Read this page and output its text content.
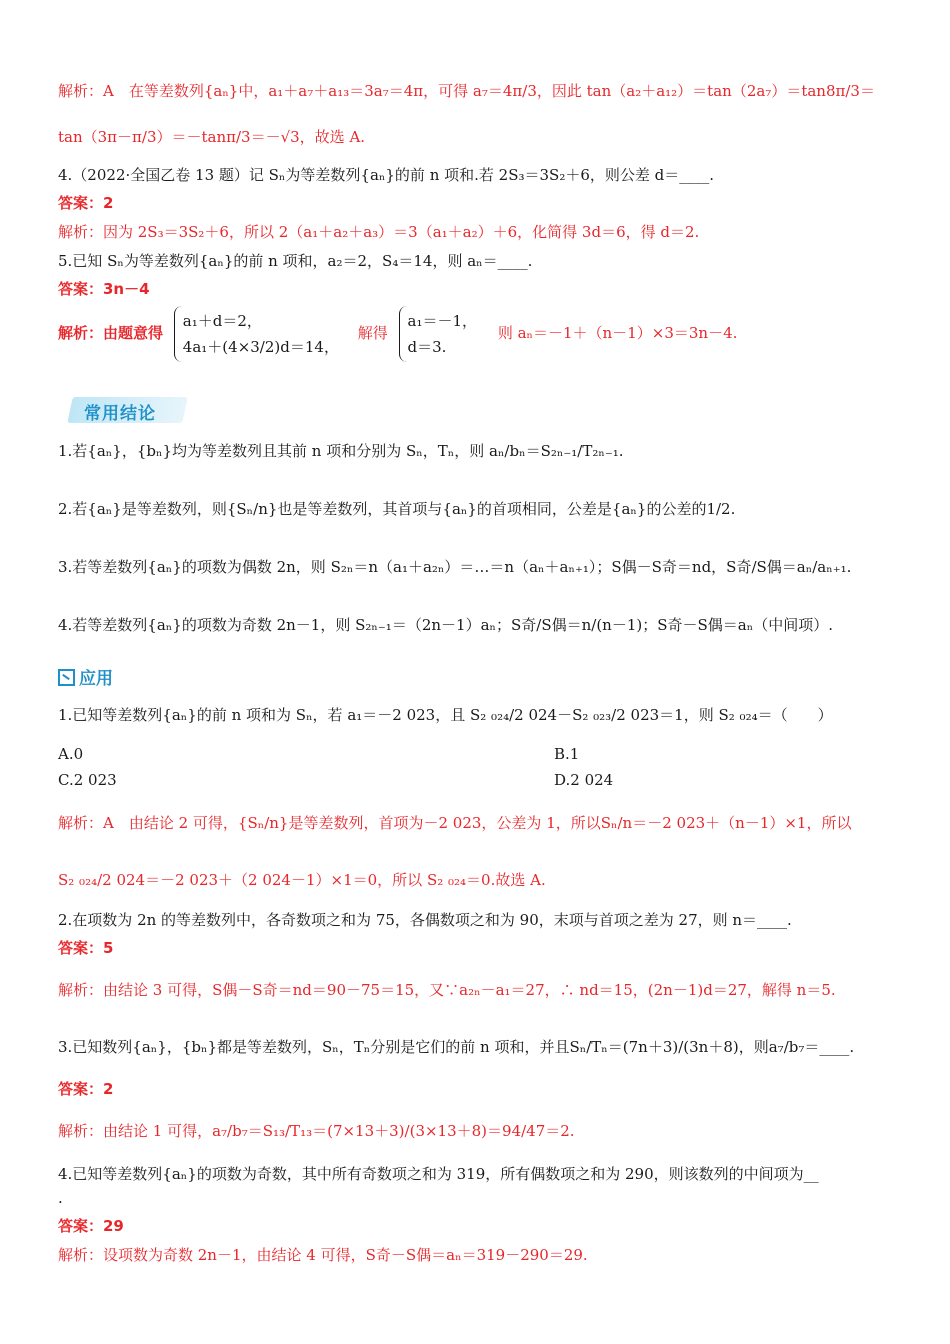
解析：A　在等差数列{aₙ}中，a₁＋a₇＋a₁₃＝3a₇＝4π，可得 a₇＝4π/3，因此 tan（a₂＋a₁₂）＝tan（2a₇）＝tan8π/3＝
tan（3π－π/3）＝－tanπ/3＝－√3，故选 A.
4.（2022·全国乙卷 13 题）记 Sₙ为等差数列{aₙ}的前 n 项和.若 2S₃＝3S₂＋6，则公差 d＝____.
答案：2
解析：因为 2S₃＝3S₂＋6，所以 2（a₁＋a₂＋a₃）＝3（a₁＋a₂）＋6，化简得 3d＝6，得 d＝2.
5.已知 Sₙ为等差数列{aₙ}的前 n 项和，a₂＝2，S₄＝14，则 aₙ＝____.
答案：3n－4
解析：由题意得 a₁＋d＝2，
4a₁＋(4×3/2)d＝14， 解得 a₁＝－1，
d＝3. 则 aₙ＝－1＋（n－1）×3＝3n－4.
常用结论
1.若{aₙ}，{bₙ}均为等差数列且其前 n 项和分别为 Sₙ，Tₙ，则 aₙ/bₙ＝S₂ₙ₋₁/T₂ₙ₋₁.
2.若{aₙ}是等差数列，则{Sₙ/n}也是等差数列，其首项与{aₙ}的首项相同，公差是{aₙ}的公差的1/2.
3.若等差数列{aₙ}的项数为偶数 2n，则 S₂ₙ＝n（a₁＋a₂ₙ）＝…＝n（aₙ＋aₙ₊₁）；S偶－S奇＝nd，S奇/S偶＝aₙ/aₙ₊₁.
4.若等差数列{aₙ}的项数为奇数 2n－1，则 S₂ₙ₋₁＝（2n－1）aₙ；S奇/S偶＝n/(n－1)；S奇－S偶＝aₙ（中间项）.
应用
1.已知等差数列{aₙ}的前 n 项和为 Sₙ，若 a₁＝－2 023，且 S₂ ₀₂₄/2 024－S₂ ₀₂₃/2 023＝1，则 S₂ ₀₂₄＝（　　）
A.0	B.1
C.2 023	D.2 024
解析：A　由结论 2 可得，{Sₙ/n}是等差数列，首项为－2 023，公差为 1，所以Sₙ/n＝－2 023＋（n－1）×1，所以
S₂ ₀₂₄/2 024＝－2 023＋（2 024－1）×1＝0，所以 S₂ ₀₂₄＝0.故选 A.
2.在项数为 2n 的等差数列中，各奇数项之和为 75，各偶数项之和为 90，末项与首项之差为 27，则 n＝____.
答案：5
解析：由结论 3 可得，S偶－S奇＝nd＝90－75＝15，又∵a₂ₙ－a₁＝27，∴ nd＝15，(2n－1)d＝27，解得 n＝5.
3.已知数列{aₙ}，{bₙ}都是等差数列，Sₙ，Tₙ分别是它们的前 n 项和，并且Sₙ/Tₙ＝(7n＋3)/(3n＋8)，则a₇/b₇＝____.
答案：2
解析：由结论 1 可得，a₇/b₇＝S₁₃/T₁₃＝(7×13＋3)/(3×13＋8)＝94/47＝2.
4.已知等差数列{aₙ}的项数为奇数，其中所有奇数项之和为 319，所有偶数项之和为 290，则该数列的中间项为__
.
答案：29
解析：设项数为奇数 2n－1，由结论 4 可得，S奇－S偶＝aₙ＝319－290＝29.
